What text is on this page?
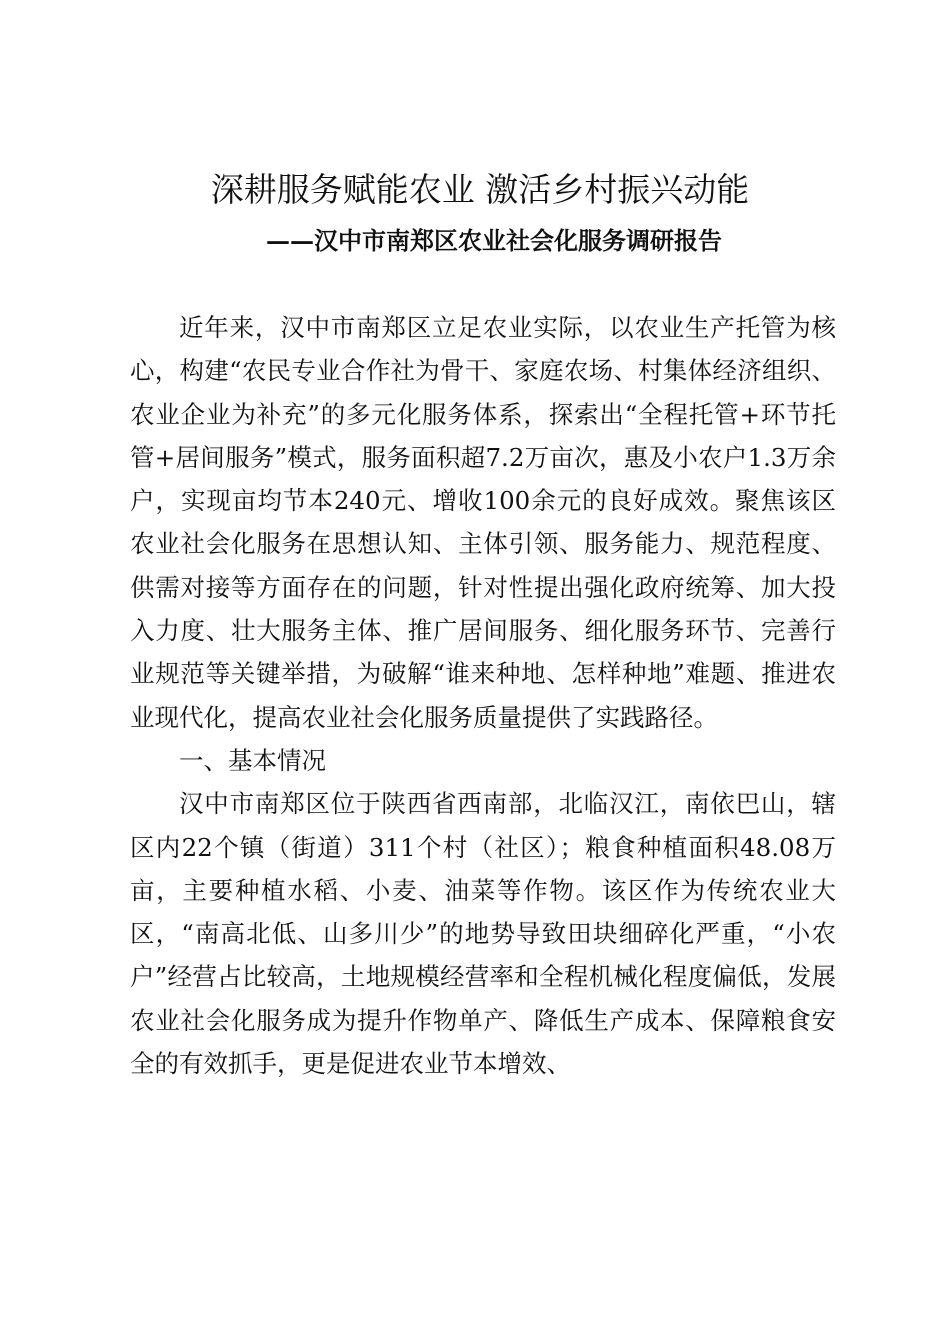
深耕服务赋能农业 激活乡村振兴动能
——汉中市南郑区农业社会化服务调研报告

近年来，汉中市南郑区立足农业实际，以农业生产托管为核心，构建“农民专业合作社为骨干、家庭农场、村集体经济组织、农业企业为补充”的多元化服务体系，探索出“全程托管+环节托管+居间服务”模式，服务面积超7.2万亩次，惠及小农户1.3万余户，实现亩均节本240元、增收100余元的良好成效。聚焦该区农业社会化服务在思想认知、主体引领、服务能力、规范程度、供需对接等方面存在的问题，针对性提出强化政府统筹、加大投入力度、壮大服务主体、推广居间服务、细化服务环节、完善行业规范等关键举措，为破解“谁来种地、怎样种地”难题、推进农业现代化，提高农业社会化服务质量提供了实践路径。

一、基本情况

汉中市南郑区位于陕西省西南部，北临汉江，南依巴山，辖区内22个镇（街道）311个村（社区）；粮食种植面积48.08万亩，主要种植水稻、小麦、油菜等作物。该区作为传统农业大区，“南高北低、山多川少”的地势导致田块细碎化严重，“小农户”经营占比较高，土地规模经营率和全程机械化程度偏低，发展农业社会化服务成为提升作物单产、降低生产成本、保障粮食安全的有效抓手，更是促进农业节本增效、
